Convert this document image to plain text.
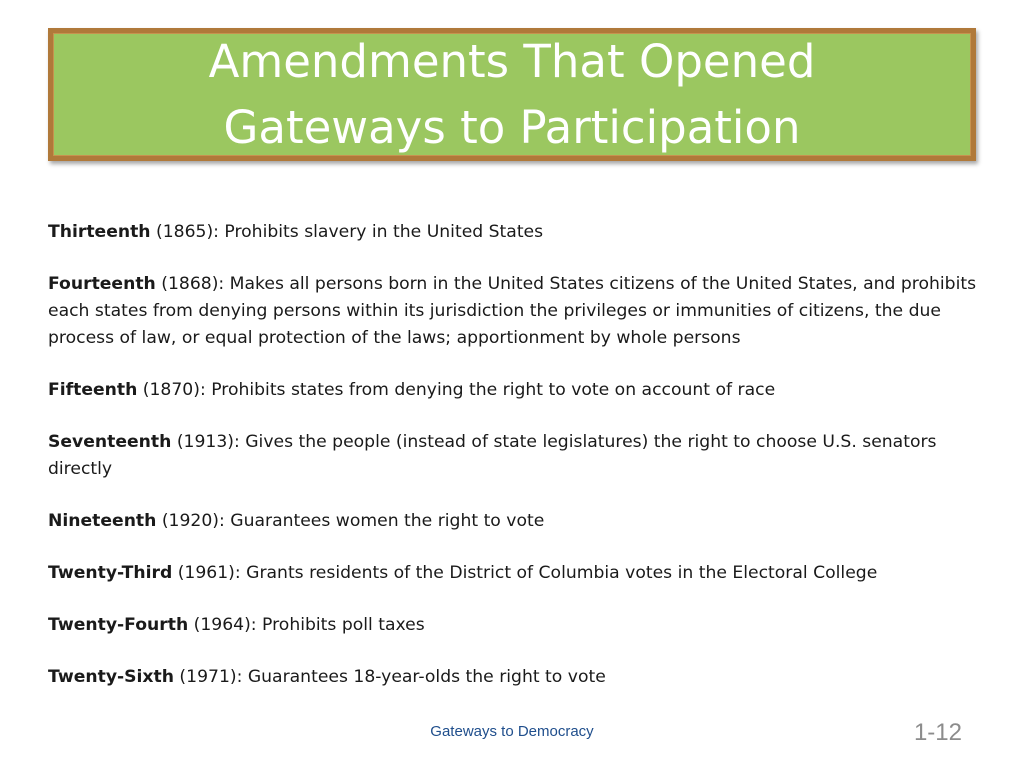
Amendments That Opened Gateways to Participation

Thirteenth (1865): Prohibits slavery in the United States

Fourteenth (1868): Makes all persons born in the United States citizens of the United States, and prohibits each states from denying persons within its jurisdiction the privileges or immunities of citizens, the due process of law, or equal protection of the laws; apportionment by whole persons

Fifteenth (1870): Prohibits states from denying the right to vote on account of race

Seventeenth (1913): Gives the people (instead of state legislatures) the right to choose U.S. senators directly

Nineteenth (1920): Guarantees women the right to vote

Twenty-Third (1961): Grants residents of the District of Columbia votes in the Electoral College

Twenty-Fourth (1964): Prohibits poll taxes

Twenty-Sixth (1971): Guarantees 18-year-olds the right to vote

Gateways to Democracy	1-12
